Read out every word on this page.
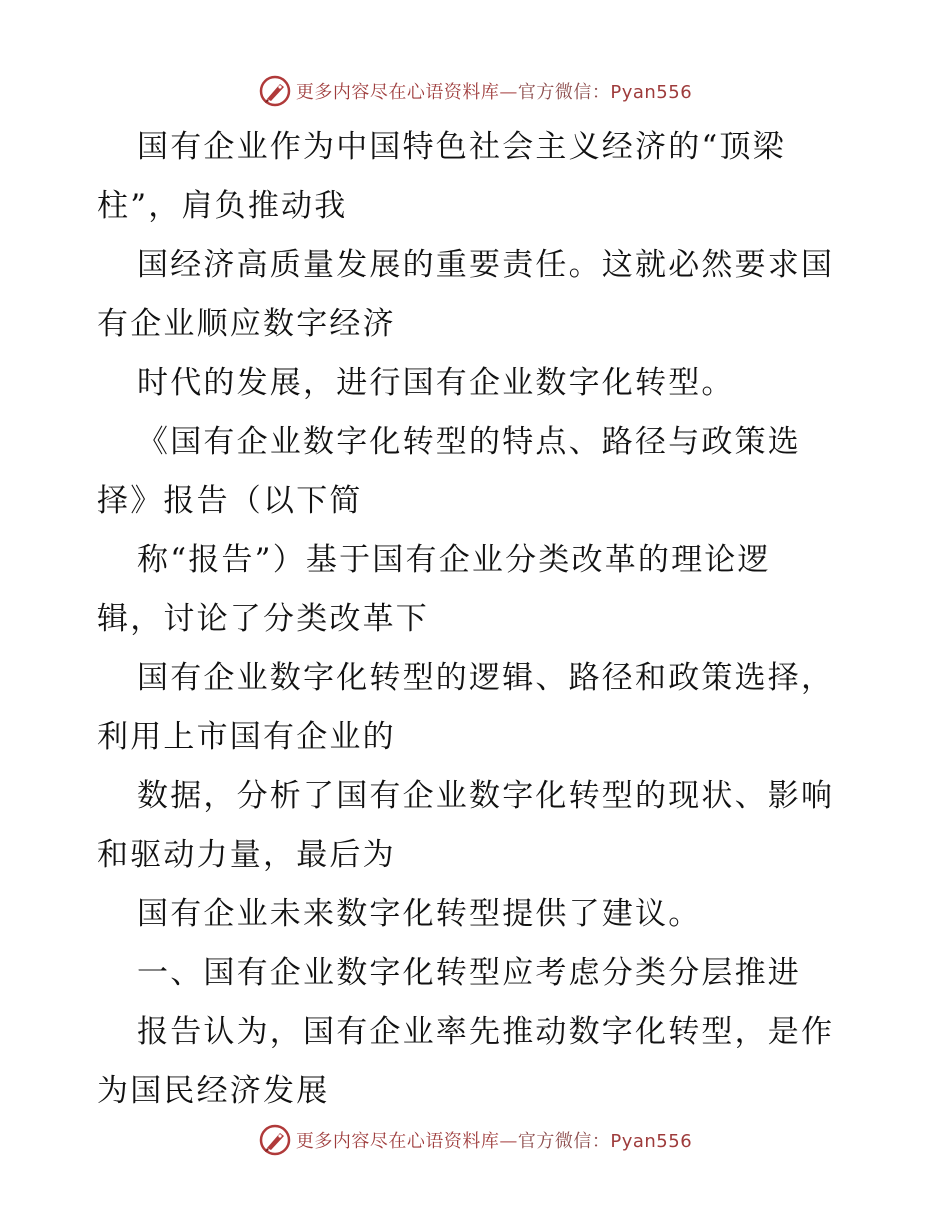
更多内容尽在心语资料库—官方微信：Pyan556
国有企业作为中国特色社会主义经济的“顶梁
柱”，肩负推动我
国经济高质量发展的重要责任。这就必然要求国
有企业顺应数字经济
时代的发展，进行国有企业数字化转型。
《国有企业数字化转型的特点、路径与政策选
择》报告（以下简
称“报告”）基于国有企业分类改革的理论逻
辑，讨论了分类改革下
国有企业数字化转型的逻辑、路径和政策选择，
利用上市国有企业的
数据，分析了国有企业数字化转型的现状、影响
和驱动力量，最后为
国有企业未来数字化转型提供了建议。
一、国有企业数字化转型应考虑分类分层推进
报告认为，国有企业率先推动数字化转型，是作
为国民经济发展
更多内容尽在心语资料库—官方微信：Pyan556
